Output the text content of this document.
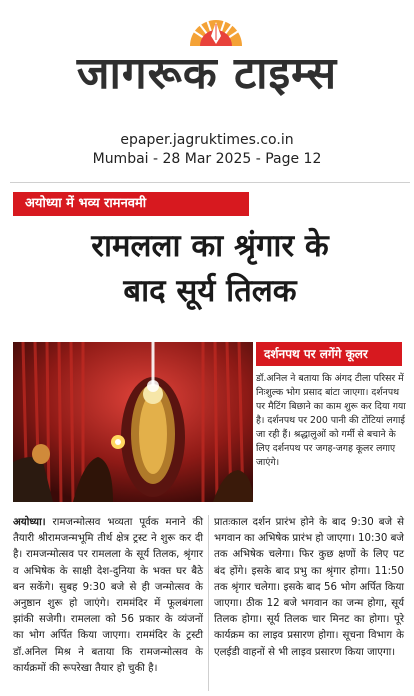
जागरूक टाइम्स
epaper.jagruktimes.co.in
Mumbai - 28 Mar 2025 - Page 12
अयोध्या में भव्य रामनवमी
रामलला का श्रृंगार के
बाद सूर्य तिलक
दर्शनपथ पर लगेंगे कूलर
डॉ.अनिल ने बताया कि अंगद टीला परिसर में निःशुल्क भोग प्रसाद बांटा जाएगा। दर्शनपथ पर मैटिंग बिछाने का काम शुरू कर दिया गया है। दर्शनपथ पर 200 पानी की टोंटियां लगाई जा रही हैं। श्रद्धालुओं को गर्मी से बचाने के लिए दर्शनपथ पर जगह-जगह कूलर लगाए जाएंगे।
अयोध्या। रामजन्मोत्सव भव्यता पूर्वक मनाने की तैयारी श्रीरामजन्मभूमि तीर्थ क्षेत्र ट्रस्ट ने शुरू कर दी है। रामजन्मोत्सव पर रामलला के सूर्य तिलक, श्रृंगार व अभिषेक के साक्षी देश-दुनिया के भक्त घर बैठे बन सकेंगे। सुबह 9:30 बजे से ही जन्मोत्सव के अनुष्ठान शुरू हो जाएंगे। राममंदिर में फूलबंगला झांकी सजेगी। रामलला को 56 प्रकार के व्यंजनों का भोग अर्पित किया जाएगा। राममंदिर के ट्रस्टी डॉ.अनिल मिश्र ने बताया कि रामजन्मोत्सव के कार्यक्रमों की रूपरेखा तैयार हो चुकी है।
प्रातःकाल दर्शन प्रारंभ होने के बाद 9:30 बजे से भगवान का अभिषेक प्रारंभ हो जाएगा। 10:30 बजे तक अभिषेक चलेगा। फिर कुछ क्षणों के लिए पट बंद होंगे। इसके बाद प्रभु का श्रृंगार होगा। 11:50 तक श्रृंगार चलेगा। इसके बाद 56 भोग अर्पित किया जाएगा। ठीक 12 बजे भगवान का जन्म होगा, सूर्य तिलक होगा। सूर्य तिलक चार मिनट का होगा। पूरे कार्यक्रम का लाइव प्रसारण होगा। सूचना विभाग के एलईडी वाहनों से भी लाइव प्रसारण किया जाएगा।
